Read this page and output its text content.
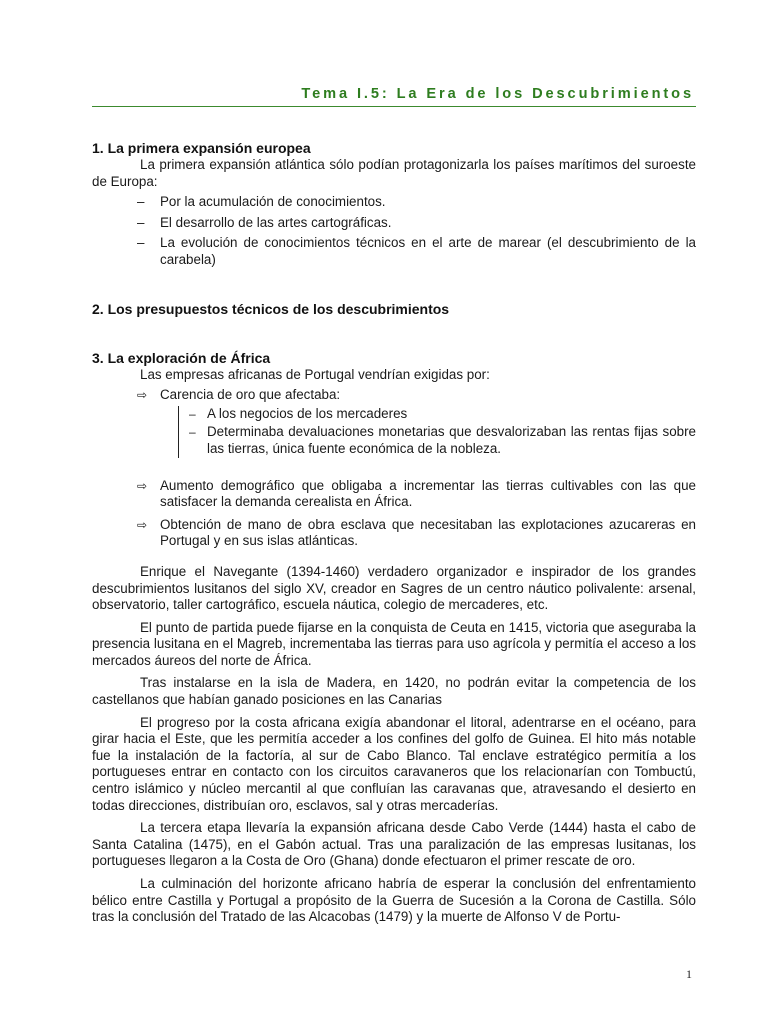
Tema I.5: La Era de los Descubrimientos
1. La primera expansión europea

La primera expansión atlántica sólo podían protagonizarla los países marítimos del suroeste de Europa:

– Por la acumulación de conocimientos.
– El desarrollo de las artes cartográficas.
– La evolución de conocimientos técnicos en el arte de marear (el descubrimiento de la carabela)
2. Los presupuestos técnicos de los descubrimientos
3. La exploración de África

Las empresas africanas de Portugal vendrían exigidas por:

⇨ Carencia de oro que afectaba:
– A los negocios de los mercaderes
– Determinaba devaluaciones monetarias que desvalorizaban las rentas fijas sobre las tierras, única fuente económica de la nobleza.
⇨ Aumento demográfico que obligaba a incrementar las tierras cultivables con las que satisfacer la demanda cerealista en África.
⇨ Obtención de mano de obra esclava que necesitaban las explotaciones azucareras en Portugal y en sus islas atlánticas.

Enrique el Navegante (1394-1460) verdadero organizador e inspirador de los grandes descubrimientos lusitanos del siglo XV, creador en Sagres de un centro náutico polivalente: arsenal, observatorio, taller cartográfico, escuela náutica, colegio de mercaderes, etc.

El punto de partida puede fijarse en la conquista de Ceuta en 1415, victoria que aseguraba la presencia lusitana en el Magreb, incrementaba las tierras para uso agrícola y permitía el acceso a los mercados áureos del norte de África.

Tras instalarse en la isla de Madera, en 1420, no podrán evitar la competencia de los castellanos que habían ganado posiciones en las Canarias

El progreso por la costa africana exigía abandonar el litoral, adentrarse en el océano, para girar hacia el Este, que les permitía acceder a los confines del golfo de Guinea. El hito más notable fue la instalación de la factoría, al sur de Cabo Blanco. Tal enclave estratégico permitía a los portugueses entrar en contacto con los circuitos caravaneros que los relacionarían con Tombuctú, centro islámico y núcleo mercantil al que confluían las caravanas que, atravesando el desierto en todas direcciones, distribuían oro, esclavos, sal y otras mercaderías.

La tercera etapa llevaría la expansión africana desde Cabo Verde (1444) hasta el cabo de Santa Catalina (1475), en el Gabón actual. Tras una paralización de las empresas lusitanas, los portugueses llegaron a la Costa de Oro (Ghana) donde efectuaron el primer rescate de oro.

La culminación del horizonte africano habría de esperar la conclusión del enfrentamiento bélico entre Castilla y Portugal a propósito de la Guerra de Sucesión a la Corona de Castilla. Sólo tras la conclusión del Tratado de las Alcacobas (1479) y la muerte de Alfonso V de Portu-

1
